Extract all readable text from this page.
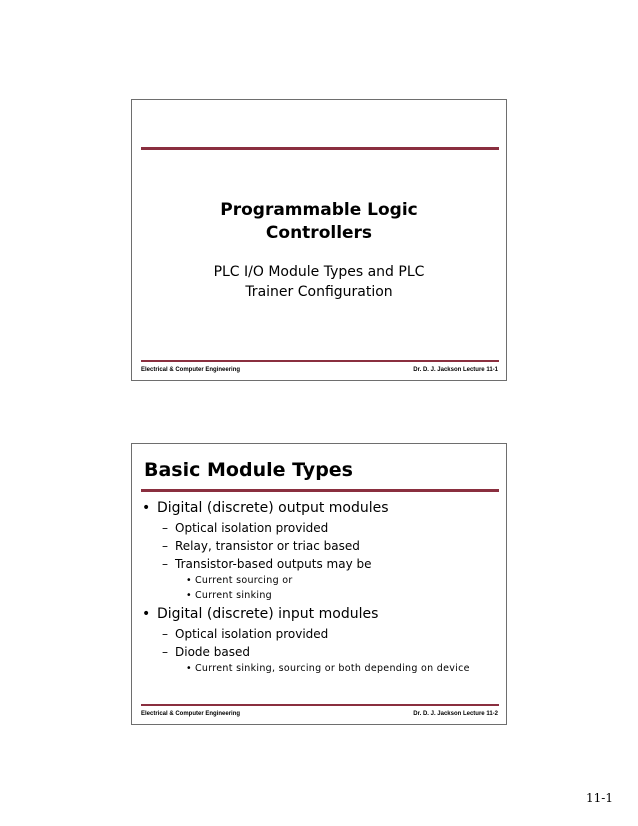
Programmable Logic
Controllers
PLC I/O Module Types and PLC
Trainer Configuration
Electrical & Computer Engineering	Dr. D. J. Jackson Lecture 11-1
Basic Module Types
• Digital (discrete) output modules
– Optical isolation provided
– Relay, transistor or triac based
– Transistor-based outputs may be
• Current sourcing or
• Current sinking
• Digital (discrete) input modules
– Optical isolation provided
– Diode based
• Current sinking, sourcing or both depending on device
Electrical & Computer Engineering	Dr. D. J. Jackson Lecture 11-2
11-1
